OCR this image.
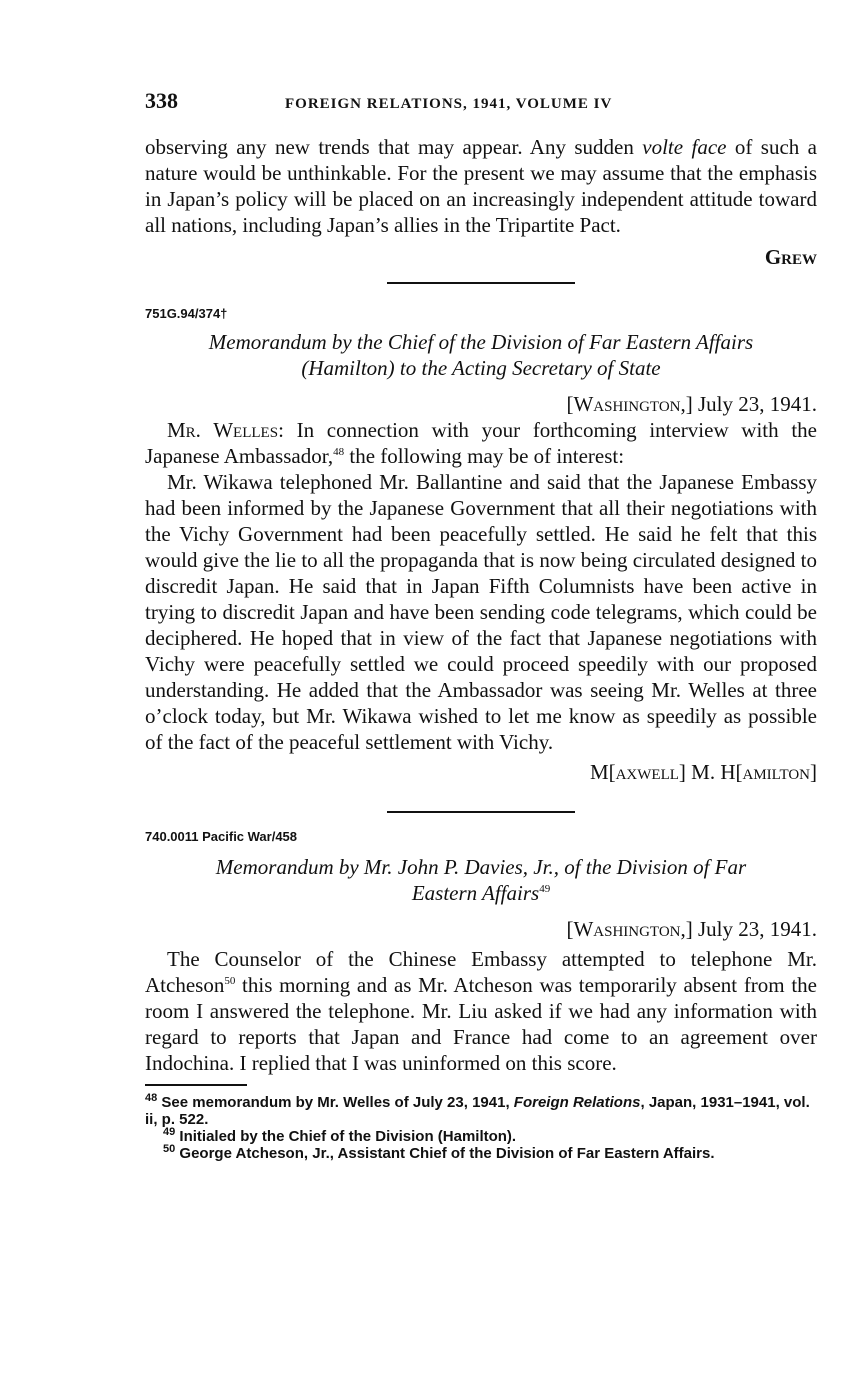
338	FOREIGN RELATIONS, 1941, VOLUME IV

observing any new trends that may appear. Any sudden volte face of such a nature would be unthinkable. For the present we may assume that the emphasis in Japan’s policy will be placed on an increasingly independent attitude toward all nations, including Japan’s allies in the Tripartite Pact.

Grew
751G.94/374†
Memorandum by the Chief of the Division of Far Eastern Affairs
(Hamilton) to the Acting Secretary of State
[Washington,] July 23, 1941.

Mr. Welles: In connection with your forthcoming interview with the Japanese Ambassador,$^{48}$ the following may be of interest:

Mr. Wikawa telephoned Mr. Ballantine and said that the Japanese Embassy had been informed by the Japanese Government that all their negotiations with the Vichy Government had been peacefully settled. He said he felt that this would give the lie to all the propaganda that is now being circulated designed to discredit Japan. He said that in Japan Fifth Columnists have been active in trying to discredit Japan and have been sending code telegrams, which could be deciphered. He hoped that in view of the fact that Japanese negotiations with Vichy were peacefully settled we could proceed speedily with our proposed understanding. He added that the Ambassador was seeing Mr. Welles at three o’clock today, but Mr. Wikawa wished to let me know as speedily as possible of the fact of the peaceful settlement with Vichy.

M[axwell] M. H[amilton]
740.0011 Pacific War/458
Memorandum by Mr. John P. Davies, Jr., of the Division of Far
Eastern Affairs$^{49}$
[Washington,] July 23, 1941.

The Counselor of the Chinese Embassy attempted to telephone Mr. Atcheson$^{50}$ this morning and as Mr. Atcheson was temporarily absent from the room I answered the telephone. Mr. Liu asked if we had any information with regard to reports that Japan and France had come to an agreement over Indochina. I replied that I was uninformed on this score.

$^{48}$ See memorandum by Mr. Welles of July 23, 1941, Foreign Relations, Japan, 1931–1941, vol. ii, p. 522.
$^{49}$ Initialed by the Chief of the Division (Hamilton).
$^{50}$ George Atcheson, Jr., Assistant Chief of the Division of Far Eastern Affairs.
